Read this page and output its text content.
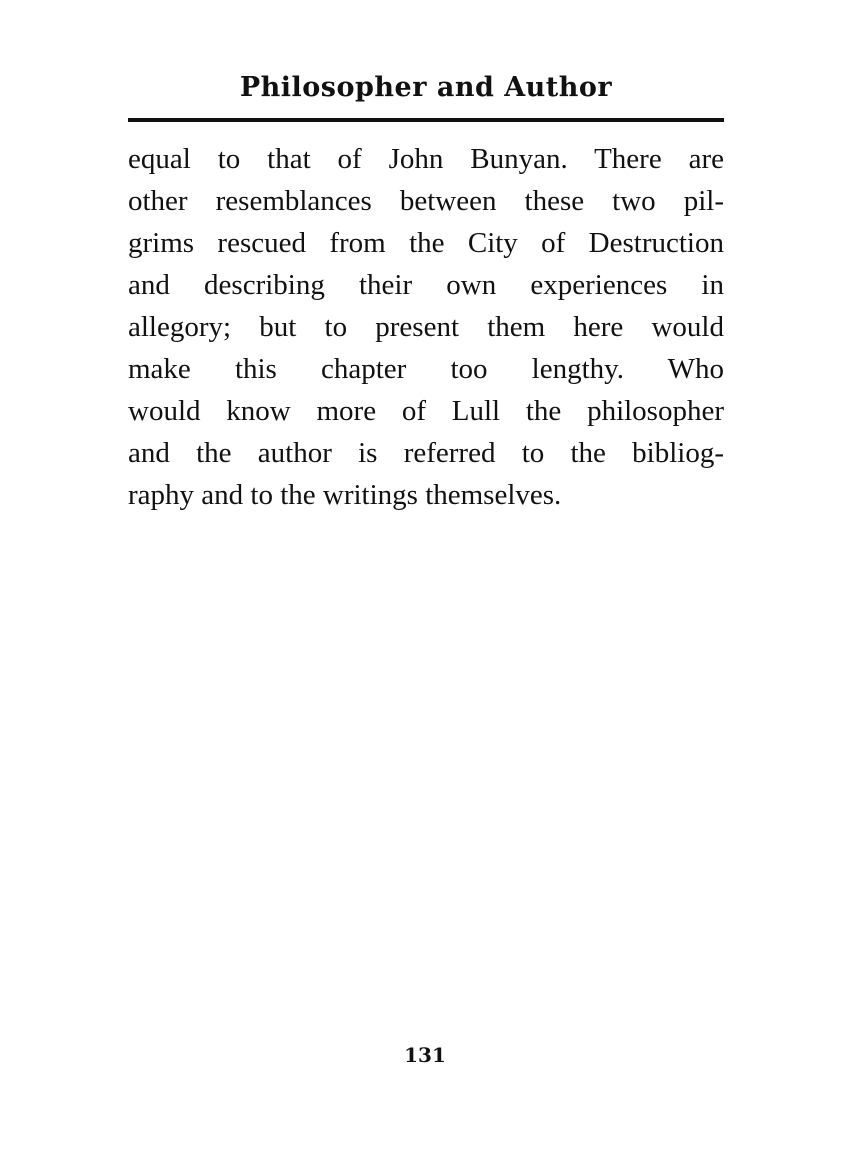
Philosopher and Author

equal to that of John Bunyan. There are
other resemblances between these two pil-
grims rescued from the City of Destruction
and describing their own experiences in
allegory; but to present them here would
make this chapter too lengthy. Who
would know more of Lull the philosopher
and the author is referred to the bibliog-
raphy and to the writings themselves.

131
